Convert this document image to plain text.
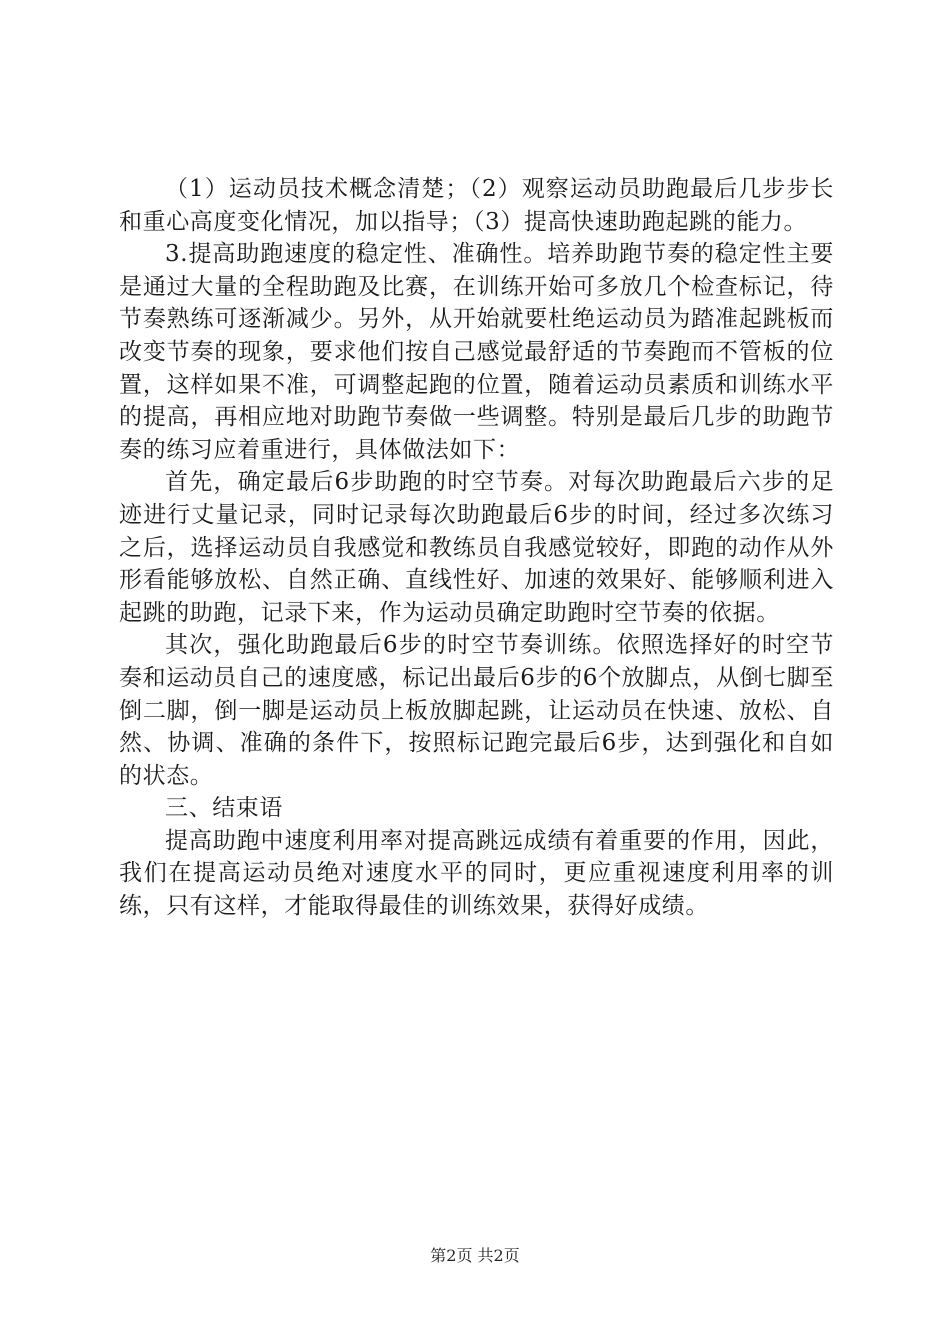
（1）运动员技术概念清楚；（2）观察运动员助跑最后几步步长和重心高度变化情况，加以指导；（3）提高快速助跑起跳的能力。

3.提高助跑速度的稳定性、准确性。培养助跑节奏的稳定性主要是通过大量的全程助跑及比赛，在训练开始可多放几个检查标记，待节奏熟练可逐渐减少。另外，从开始就要杜绝运动员为踏准起跳板而改变节奏的现象，要求他们按自己感觉最舒适的节奏跑而不管板的位置，这样如果不准，可调整起跑的位置，随着运动员素质和训练水平的提高，再相应地对助跑节奏做一些调整。特别是最后几步的助跑节奏的练习应着重进行，具体做法如下：

首先，确定最后6步助跑的时空节奏。对每次助跑最后六步的足迹进行丈量记录，同时记录每次助跑最后6步的时间，经过多次练习之后，选择运动员自我感觉和教练员自我感觉较好，即跑的动作从外形看能够放松、自然正确、直线性好、加速的效果好、能够顺利进入起跳的助跑，记录下来，作为运动员确定助跑时空节奏的依据。

其次，强化助跑最后6步的时空节奏训练。依照选择好的时空节奏和运动员自己的速度感，标记出最后6步的6个放脚点，从倒七脚至倒二脚，倒一脚是运动员上板放脚起跳，让运动员在快速、放松、自然、协调、准确的条件下，按照标记跑完最后6步，达到强化和自如的状态。

三、结束语

提高助跑中速度利用率对提高跳远成绩有着重要的作用，因此，我们在提高运动员绝对速度水平的同时，更应重视速度利用率的训练，只有这样，才能取得最佳的训练效果，获得好成绩。

第2页 共2页
